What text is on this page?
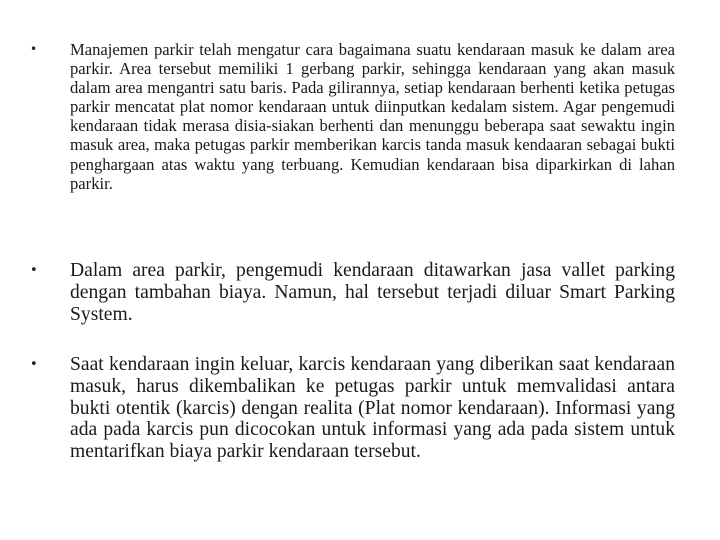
•	Manajemen parkir telah mengatur cara bagaimana suatu kendaraan masuk ke dalam area parkir. Area tersebut memiliki 1 gerbang parkir, sehingga kendaraan yang akan masuk dalam area mengantri satu baris. Pada gilirannya, setiap kendaraan berhenti ketika petugas parkir mencatat plat nomor kendaraan untuk diinputkan kedalam sistem. Agar pengemudi kendaraan tidak merasa disia-siakan berhenti dan menunggu beberapa saat sewaktu ingin masuk area, maka petugas parkir memberikan karcis tanda masuk kendaaran sebagai bukti penghargaan atas waktu yang terbuang. Kemudian kendaraan bisa diparkirkan di lahan parkir.
•	Dalam area parkir, pengemudi kendaraan ditawarkan jasa vallet parking dengan tambahan biaya. Namun, hal tersebut terjadi diluar Smart Parking System.
•	Saat kendaraan ingin keluar, karcis kendaraan yang diberikan saat kendaraan masuk, harus dikembalikan ke petugas parkir untuk memvalidasi antara bukti otentik (karcis) dengan realita (Plat nomor kendaraan). Informasi yang ada pada karcis pun dicocokan untuk informasi yang ada pada sistem untuk mentarifkan biaya parkir kendaraan tersebut.
